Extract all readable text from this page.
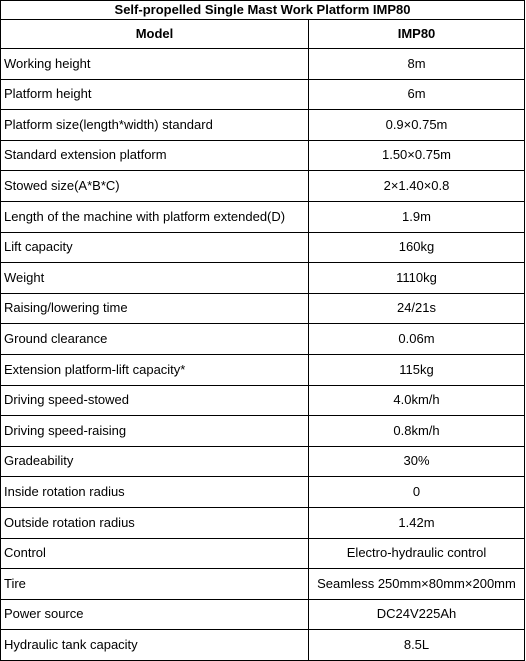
Self-propelled Single Mast Work Platform IMP80	
Model	IMP80
Working height	8m
Platform height	6m
Platform size(length*width) standard	0.9×0.75m
Standard extension platform	1.50×0.75m
Stowed size(A*B*C)	2×1.40×0.8
Length of the machine with platform extended(D)	1.9m
Lift capacity	160kg
Weight	1110kg
Raising/lowering time	24/21s
Ground clearance	0.06m
Extension platform-lift capacity*	115kg
Driving speed-stowed	4.0km/h
Driving speed-raising	0.8km/h
Gradeability	30%
Inside rotation radius	0
Outside rotation radius	1.42m
Control	Electro-hydraulic control
Tire	Seamless 250mm×80mm×200mm
Power source	DC24V225Ah
Hydraulic tank capacity	8.5L
